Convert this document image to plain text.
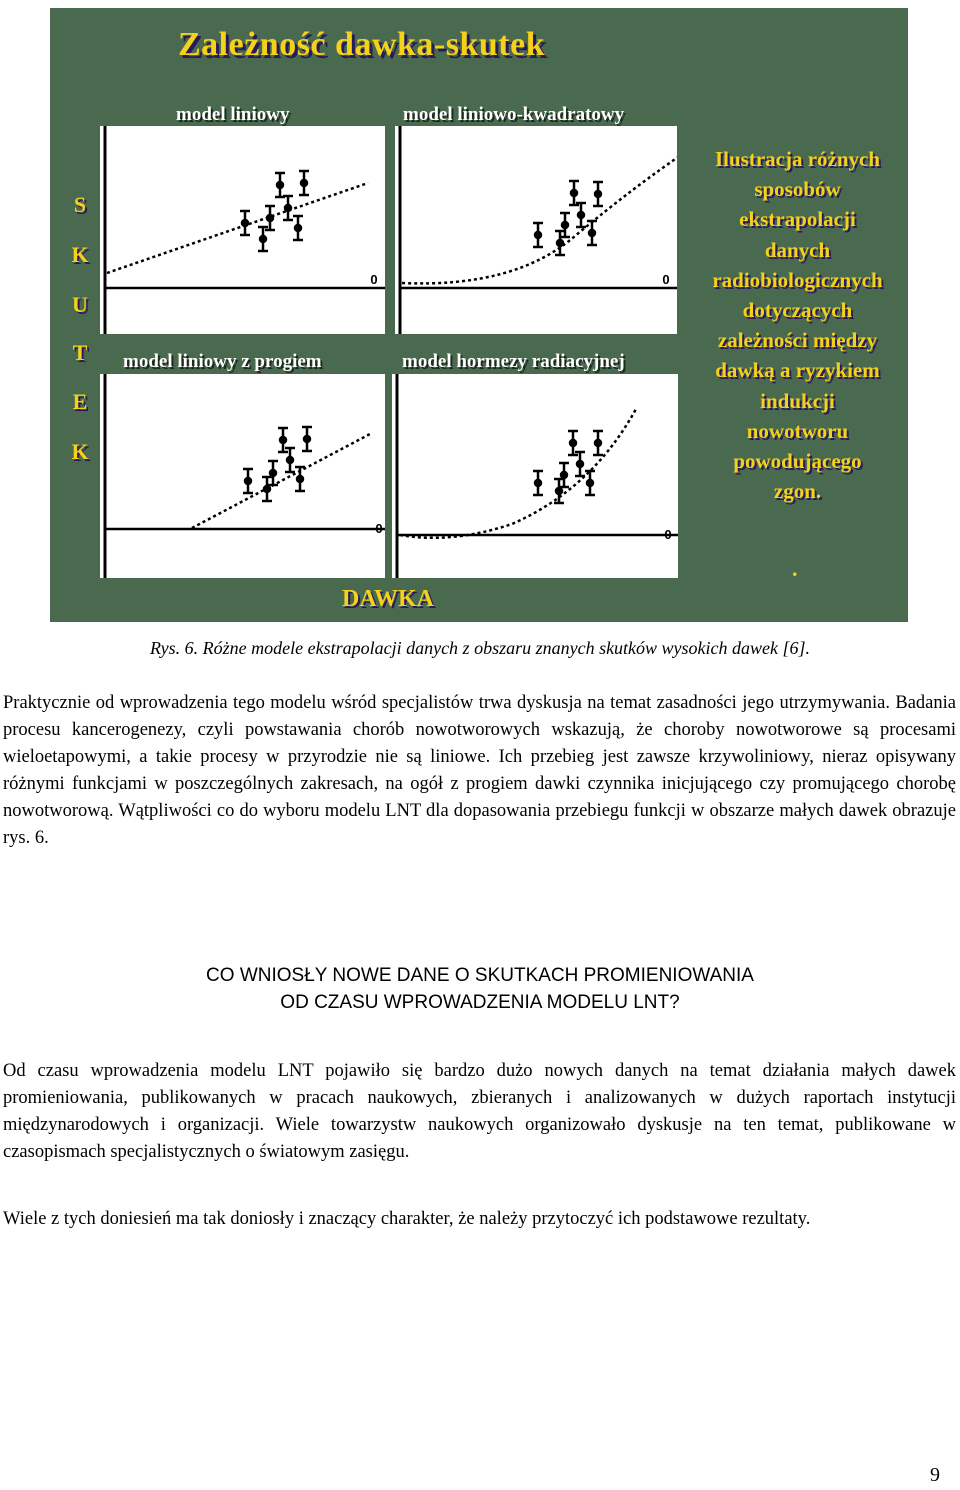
Zależność dawka-skutek
model liniowy	model liniowo-kwadratowy
model liniowy z progiem	model hormezy radiacyjnej
S
K
U
T
E
K
0	0
0	0
Ilustracja różnych
sposobów
ekstrapolacji
danych
radiobiologicznych
dotyczących
zależności między
dawką a ryzykiem
indukcji
nowotworu
powodującego
zgon.
.
DAWKA
Rys. 6. Różne modele ekstrapolacji danych z obszaru znanych skutków wysokich dawek [6].

Praktycznie od wprowadzenia tego modelu wśród specjalistów trwa dyskusja na temat zasadności jego utrzymywania. Badania procesu kancerogenezy, czyli powstawania chorób nowotworowych wskazują, że choroby nowotworowe są procesami wieloetapowymi, a takie procesy w przyrodzie nie są liniowe. Ich przebieg jest zawsze krzywoliniowy, nieraz opisywany różnymi funkcjami w poszczególnych zakresach, na ogół z progiem dawki czynnika inicjującego czy promującego chorobę nowotworową. Wątpliwości co do wyboru modelu LNT dla dopasowania przebiegu funkcji w obszarze małych dawek obrazuje rys. 6.

CO WNIOSŁY NOWE DANE O SKUTKACH PROMIENIOWANIA
OD CZASU WPROWADZENIA MODELU LNT?

Od czasu wprowadzenia modelu LNT pojawiło się bardzo dużo nowych danych na temat działania małych dawek promieniowania, publikowanych w pracach naukowych, zbieranych i analizowanych w dużych raportach instytucji międzynarodowych i organizacji. Wiele towarzystw naukowych organizowało dyskusje na ten temat, publikowane w czasopismach specjalistycznych o światowym zasięgu.

Wiele z tych doniesień ma tak doniosły i znaczący charakter, że należy przytoczyć ich podstawowe rezultaty.

9
